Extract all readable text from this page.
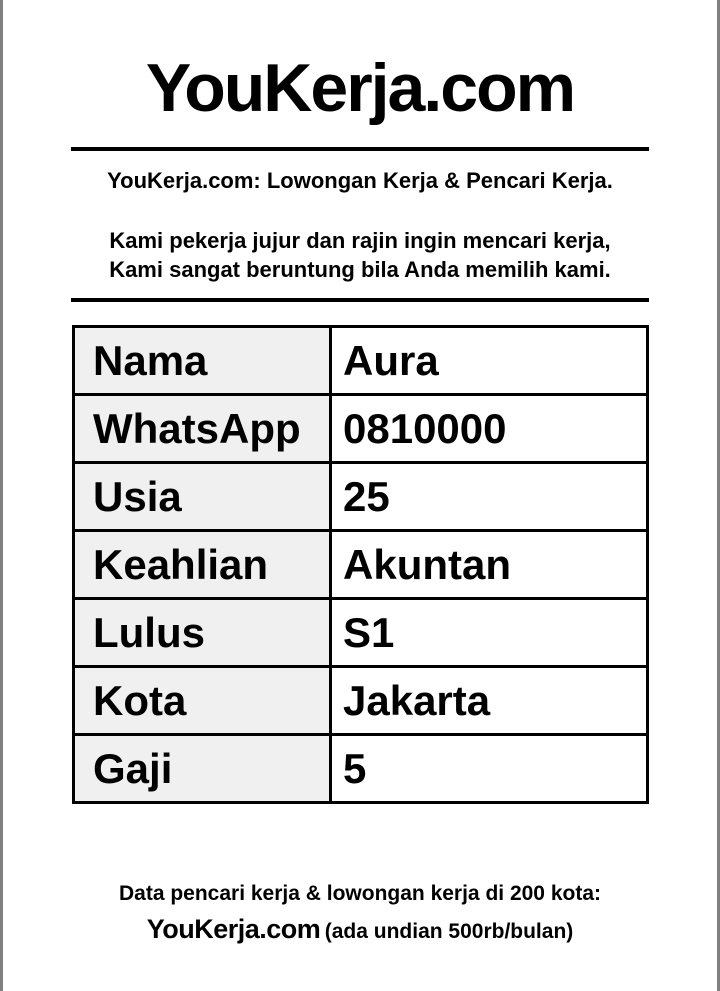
YouKerja.com

YouKerja.com: Lowongan Kerja & Pencari Kerja.

Kami pekerja jujur dan rajin ingin mencari kerja,

Kami sangat beruntung bila Anda memilih kami.

Nama	Aura
WhatsApp	0810000
Usia	25
Keahlian	Akuntan
Lulus	S1
Kota	Jakarta
Gaji	5

Data pencari kerja & lowongan kerja di 200 kota:

YouKerja.com (ada undian 500rb/bulan)
